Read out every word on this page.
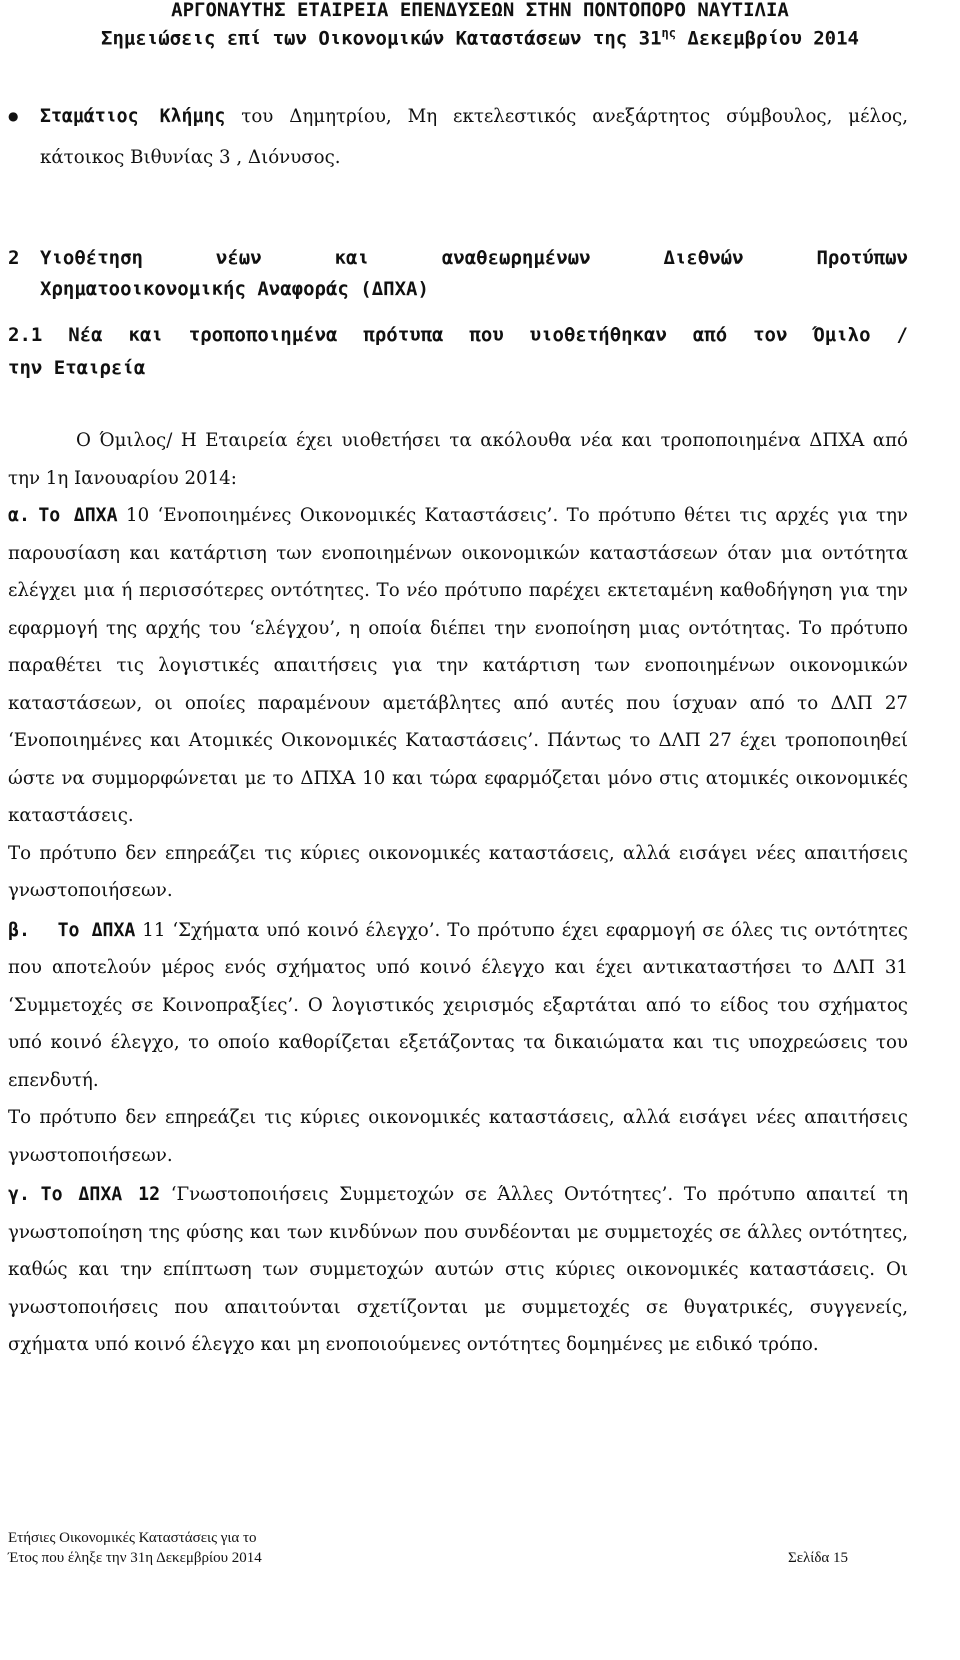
ΑΡΓΟΝΑΥΤΗΣ ΕΤΑΙΡΕΙΑ ΕΠΕΝΔΥΣΕΩΝ ΣΤΗΝ ΠΟΝΤΟΠΟΡΟ ΝΑΥΤΙΛΙΑ
Σημειώσεις επί των Οικονομικών Καταστάσεων της $31^{\eta\varsigma}$ Δεκεμβρίου 2014

● Σταμάτιος Κλήμης του Δημητρίου, Μη εκτελεστικός ανεξάρτητος σύμβουλος, μέλος, κάτοικος Βιθυνίας 3 , Διόνυσος.

2 Υιοθέτηση	νέων	και	αναθεωρημένων	Διεθνών	Προτύπων
Χρηματοοικονομικής Αναφοράς (ΔΠΧΑ)
2.1 Νέα και τροποποιημένα πρότυπα που υιοθετήθηκαν από τον Όμιλο /
την Εταιρεία

Ο Όμιλος/ Η Εταιρεία έχει υιοθετήσει τα ακόλουθα νέα και τροποποιημένα ΔΠΧΑ από την 1η Ιανουαρίου 2014:

α. Το ΔΠΧΑ 10 ‘Ενοποιημένες Οικονομικές Καταστάσεις’. Το πρότυπο θέτει τις αρχές για την παρουσίαση και κατάρτιση των ενοποιημένων οικονομικών καταστάσεων όταν μια οντότητα ελέγχει μια ή περισσότερες οντότητες. Το νέο πρότυπο παρέχει εκτεταμένη καθοδήγηση για την εφαρμογή της αρχής του ‘ελέγχου’, η οποία διέπει την ενοποίηση μιας οντότητας. Το πρότυπο παραθέτει τις λογιστικές απαιτήσεις για την κατάρτιση των ενοποιημένων οικονομικών καταστάσεων, οι οποίες παραμένουν αμετάβλητες από αυτές που ίσχυαν από το ΔΛΠ 27 ‘Ενοποιημένες και Ατομικές Οικονομικές Καταστάσεις’. Πάντως το ΔΛΠ 27 έχει τροποποιηθεί ώστε να συμμορφώνεται με το ΔΠΧΑ 10 και τώρα εφαρμόζεται μόνο στις ατομικές οικονομικές καταστάσεις.

Το πρότυπο δεν επηρεάζει τις κύριες οικονομικές καταστάσεις, αλλά εισάγει νέες απαιτήσεις γνωστοποιήσεων.

β. Το ΔΠΧΑ 11 ‘Σχήματα υπό κοινό έλεγχο’. Το πρότυπο έχει εφαρμογή σε όλες τις οντότητες που αποτελούν μέρος ενός σχήματος υπό κοινό έλεγχο και έχει αντικαταστήσει το ΔΛΠ 31 ‘Συμμετοχές σε Κοινοπραξίες’. Ο λογιστικός χειρισμός εξαρτάται από το είδος του σχήματος υπό κοινό έλεγχο, το οποίο καθορίζεται εξετάζοντας τα δικαιώματα και τις υποχρεώσεις του επενδυτή.

Το πρότυπο δεν επηρεάζει τις κύριες οικονομικές καταστάσεις, αλλά εισάγει νέες απαιτήσεις γνωστοποιήσεων.

γ. Το ΔΠΧΑ 12 ‘Γνωστοποιήσεις Συμμετοχών σε Άλλες Οντότητες’. Το πρότυπο απαιτεί τη γνωστοποίηση της φύσης και των κινδύνων που συνδέονται με συμμετοχές σε άλλες οντότητες, καθώς και την επίπτωση των συμμετοχών αυτών στις κύριες οικονομικές καταστάσεις. Οι γνωστοποιήσεις που απαιτούνται σχετίζονται με συμμετοχές σε θυγατρικές, συγγενείς, σχήματα υπό κοινό έλεγχο και μη ενοποιούμενες οντότητες δομημένες με ειδικό τρόπο.

Ετήσιες Οικονομικές Καταστάσεις για το
Έτος που έληξε την 31η Δεκεμβρίου 2014	Σελίδα 15
